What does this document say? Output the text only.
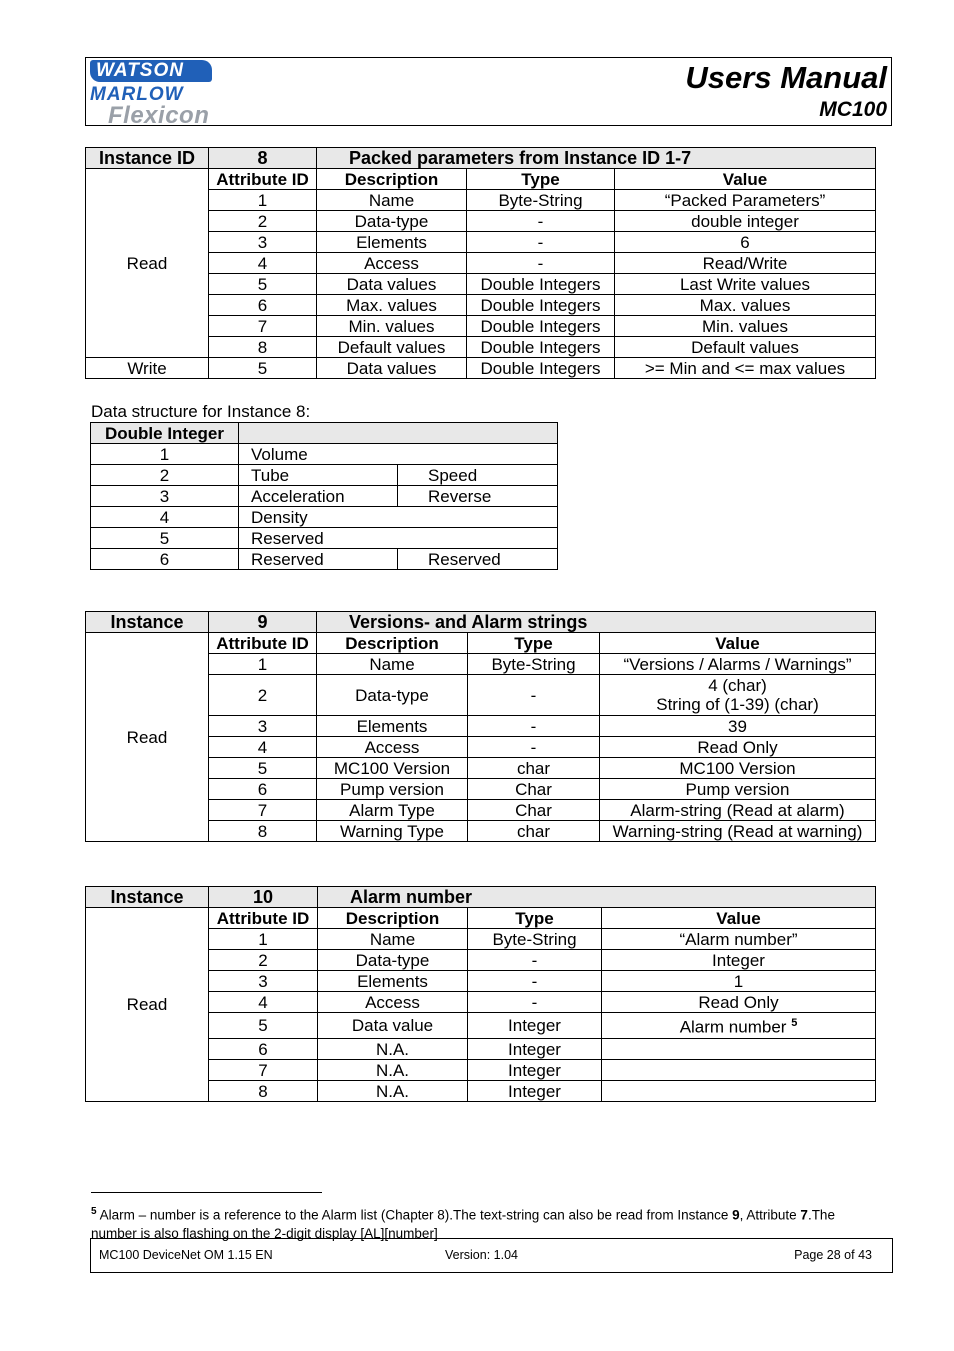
WATSON
MARLOW
Flexicon
Users Manual
MC100
Instance ID	8	Packed parameters from Instance ID 1-7		
Read	Attribute ID	Description	Type	Value
	1	Name	Byte-String	“Packed Parameters”
	2	Data-type	-	double integer
	3	Elements	-	6
	4	Access	-	Read/Write
	5	Data values	Double Integers	Last Write values
	6	Max. values	Double Integers	Max. values
	7	Min. values	Double Integers	Min. values
	8	Default values	Double Integers	Default values
Write	5	Data values	Double Integers	>= Min and <= max values
Data structure for Instance 8:
Double Integer		
1	Volume	
2	Tube	Speed
3	Acceleration	Reverse
4	Density	
5	Reserved	
6	Reserved	Reserved
Instance	9	Versions- and Alarm strings		
Read	Attribute ID	Description	Type	Value
	1	Name	Byte-String	“Versions / Alarms / Warnings”
	2	Data-type	-	4 (char)
String of (1-39) (char)

	3	Elements	-	39
	4	Access	-	Read Only
	5	MC100 Version	char	MC100 Version
	6	Pump version	Char	Pump version
	7	Alarm Type	Char	Alarm-string (Read at alarm)
	8	Warning Type	char	Warning-string (Read at warning)
Instance	10	Alarm number		
Read	Attribute ID	Description	Type	Value
	1	Name	Byte-String	“Alarm number”
	2	Data-type	-	Integer
	3	Elements	-	1
	4	Access	-	Read Only
	5	Data value	Integer	Alarm number $^5$
	6	N.A.	Integer	
	7	N.A.	Integer	
	8	N.A.	Integer	
$^5$ Alarm – number is a reference to the Alarm list (Chapter 8).The text-string can also be read from Instance 9, Attribute 7.The number is also flashing on the 2-digit display [AL][number]
MC100 DeviceNet OM 1.15 EN	Version: 1.04	Page 28 of 43
